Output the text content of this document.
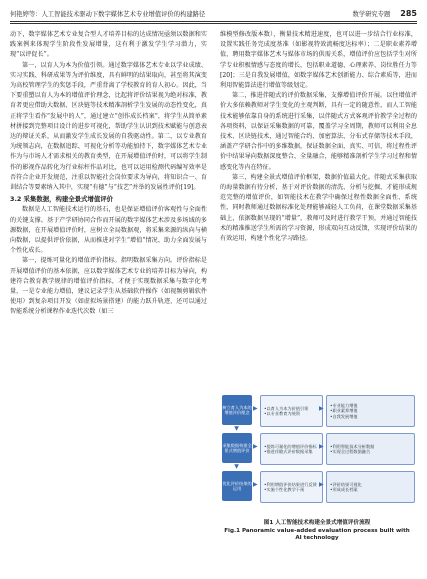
何艳婷等：人工智能技术驱动下数字媒体艺术专业增值评价的构建路径	数学研究专题 285

动下，数字媒体艺术专业复合型人才培养目标的达成情况亟须以数据和实践案例来体现学生阶段性发展增量，这有利于激发学生学习潜力，实现“以评促长”。

第一，以育人为本为价值引领。通过数字媒体艺术专业以学业成绩、实习实践、科研成果等为评价维度，具有鲜明的结果取向，甚至将其演变为高校管理学生的奖惩手段，严重背离了学校教育的育人初心。因此，当下要重塑以育人为本的增值评价理念，比起将评价结果视为绝对标准，教育者更应借助大数据、区块链等技术精准剖析学生发展的动态性变化，真正将学生看作“发展中的人”，通过建立“创作成长档案”，将学生从简单素材拼接到完整项目设计的进步可视化，帮助学生认识到技术赋能与创意表达的辩证关系，从而激发学生成长发展的自我驱动性。第二，以专业教育为统领志向，在数据追踪、可视化分析等功能加持下，数字媒体艺术专业作为与市场人才需求相关的教育类型，在开展增值评价时，可以将学生制作的影视作品转化为行业标杆作品对比，也可以运用检测代码编写效率是否符合企业开发规范，注重以智能社会岗位要求为导向，将知识合一、育训结合等要素纳入其中，实现“有德”与“技艺”并举的发展性评价[19]。

3.2 采集数据，构建全景式增值评价

数据是人工智能技术运行的基石，也是保证增值评价客观性与全面性的关键支撑。基于产学研协同合作而开展的数字媒体艺术涉及多场域的多源数据，在开展增值评价时，应树立全局数据观，将采集来源的纵向与横向数据，以提供评价依据，从而推进对学生“增值”情况、助力全面发展与个性化成长。

第一，提炼可量化的增值评价指标。指明数据采集方向。评价指标是开展增值评价的基本依据，应以数字媒体艺术专业的培养目标为导向，构建符合教育教学规律的增值评价指标，才便于实现数据采集与数字化考量，一是专业能力增值，建议记录学生从基础软件操作（如视频剪辑软件使用）到复杂项目开发（如虚拟场景搭建）的能力跃升轨迹，还可以通过智能系统分析课程作业迭代次数（如三

维模型修改版本数），衡量技术精进速度，也可以进一步结合行业标准，设置实践任务完成度基准（如影视特效流畅度达标率）；二是职业素养增值，聘用数字媒体艺术与媒体市场的供需关系，增值评价应包括学生对所学专业积极情感与态度的增长，包括职业道德、心理素养、岗位胜任力等[20]；三是自我发展增值，如数字媒体艺术创新能力、综合素质等，进而利用智能算法进行增值等级划定。

第二，推进伴随式的评价数据采集，支撑增值评价开展。以往增值评价大多依赖教师对学生变化的主观判断，具有一定的随意性，而人工智能技术能够依靠自身的系统进行采集，以伴随式方式客观评价教学全过程的各项资料，以保证采集数据的可靠，覆盖学习全周期，教师可以利用全息技术、区块链技术，通过智能合约、加密算法、分布式存储等技术手段，涵盖产学研合作中的多维数据，保证数据全面、真实、可信，将过程性评价中结果导向数据深度整合、全量融合，能够精准剖析学生学习过程和情感变化等内在特征。

第三，构建全景式增值评价框架，数据价值最大化。伴随式采集获取的海量数据有待分析，基于对评价数据的清洗、分析与挖掘，才能形成规范完整的增值评价，如智能技术在教学中确保过程性数据全面性、系统性，同时教师通过数据标准化处理能够减轻人工负荷，在课堂数据采集基础上，依据数据呈现的“增量”，教师可及时进行教学干预，并通过智能技术的精准推送学生所需的学习资源，形成双向互动反馈，实现评价结果的有效运用，构建个性化学习路径。

树立育人为本的增值评价理念
采集数据构建全景式增值评价
优化评价结果的运用
▶
▶
▶
•以育人为本为价值引领
•以专业教育为统领
•提炼可量化的增值评价指标
•推进伴随式评价数据采集
•利用增值评价结果进行反馈
•实施个性化教学干预
▶
▶
▶
•专业能力增值
•职业素养增值
•自我发展增值
•利用智能技术分析数据
•实现全过程数据融合
•评价结果可视化
•形成成长档案
▶
▶
图1 人工智能技术构建全景式增值评价流程
Fig.1 Panoramic value-added evaluation process built with AI technology
